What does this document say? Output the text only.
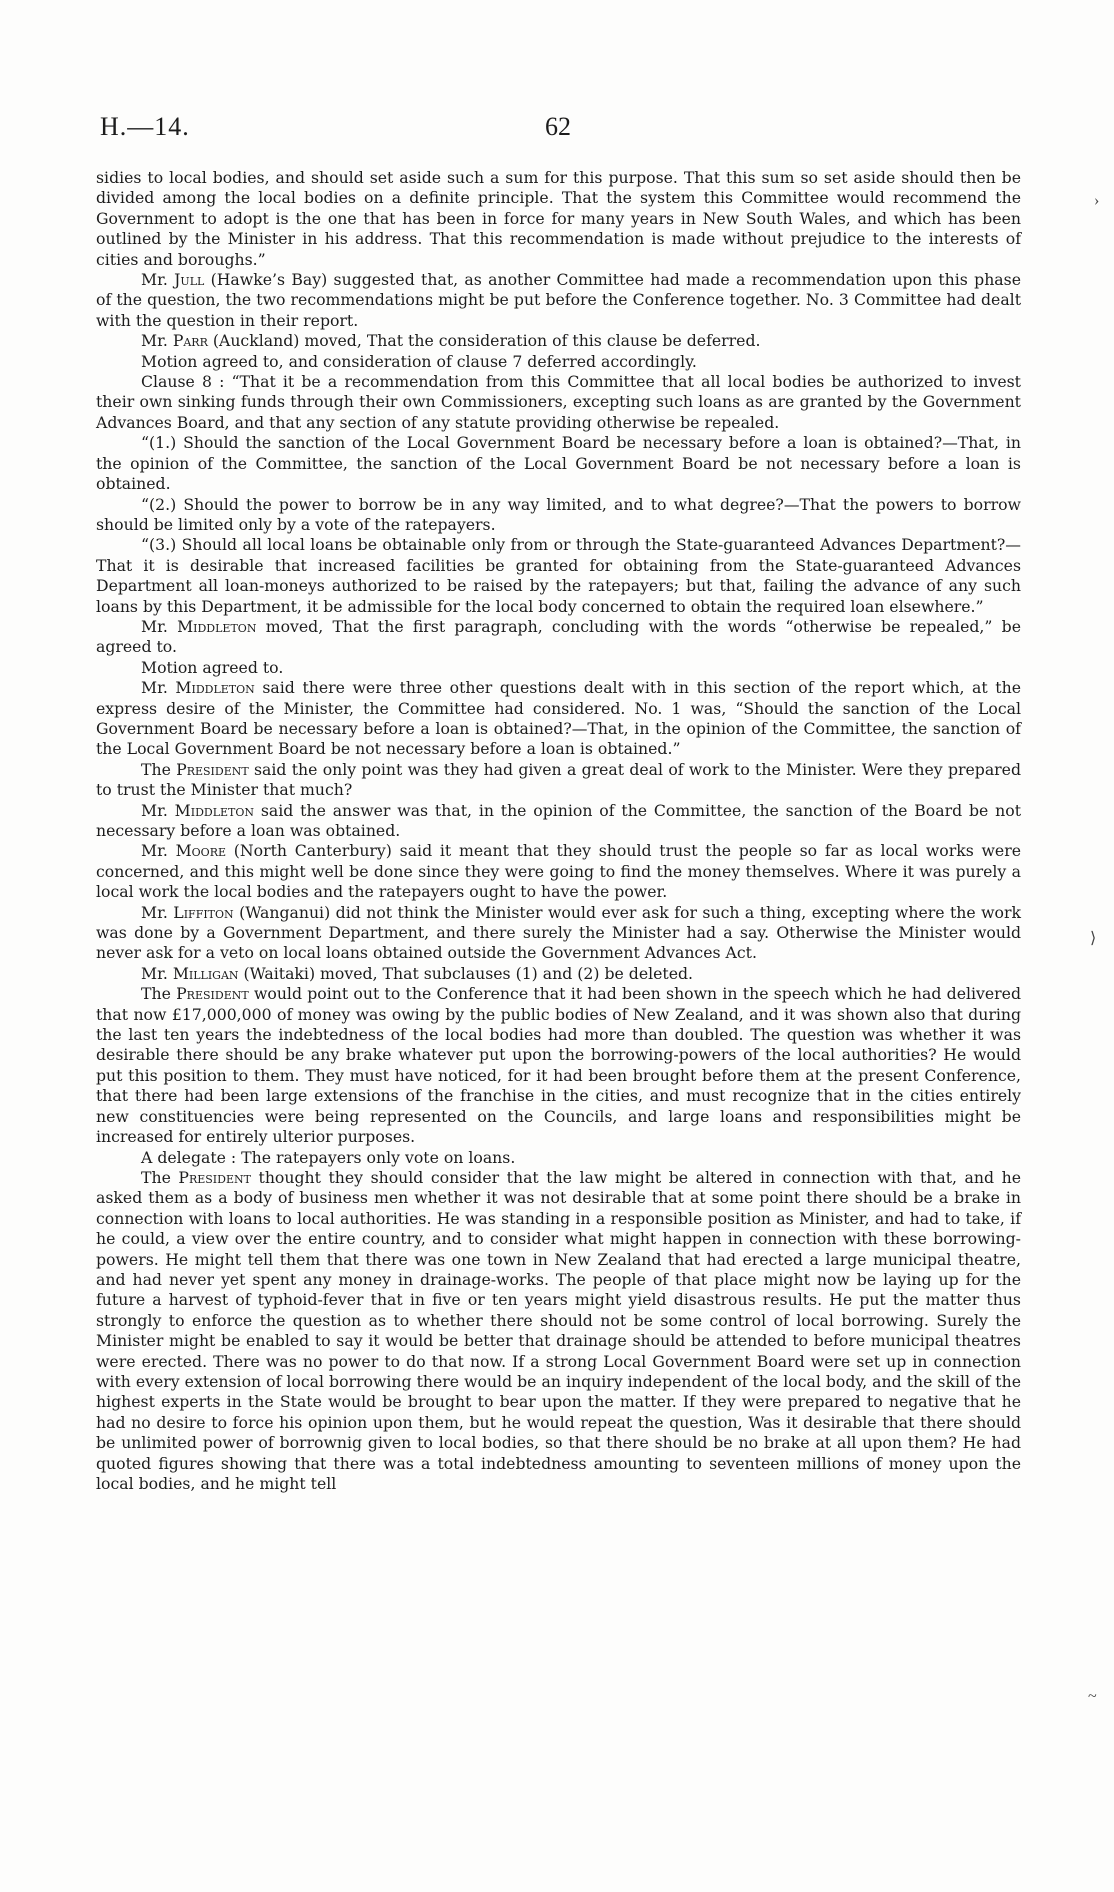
H.—14.	62
›
⟩
~

sidies to local bodies, and should set aside such a sum for this purpose. That this sum so set aside should then be divided among the local bodies on a definite principle. That the system this Committee would recommend the Government to adopt is the one that has been in force for many years in New South Wales, and which has been outlined by the Minister in his address. That this recommendation is made without prejudice to the interests of cities and boroughs.”

Mr. Jull (Hawke’s Bay) suggested that, as another Committee had made a recommendation upon this phase of the question, the two recommendations might be put before the Conference together. No. 3 Committee had dealt with the question in their report.

Mr. Parr (Auckland) moved, That the consideration of this clause be deferred.

Motion agreed to, and consideration of clause 7 deferred accordingly.

Clause 8 : “That it be a recommendation from this Committee that all local bodies be authorized to invest their own sinking funds through their own Commissioners, excepting such loans as are granted by the Government Advances Board, and that any section of any statute providing otherwise be repealed.

“(1.) Should the sanction of the Local Government Board be necessary before a loan is obtained?—That, in the opinion of the Committee, the sanction of the Local Government Board be not necessary before a loan is obtained.

“(2.) Should the power to borrow be in any way limited, and to what degree?—That the powers to borrow should be limited only by a vote of the ratepayers.

“(3.) Should all local loans be obtainable only from or through the State-guaranteed Advances Department?—That it is desirable that increased facilities be granted for obtaining from the State-guaranteed Advances Department all loan-moneys authorized to be raised by the ratepayers; but that, failing the advance of any such loans by this Department, it be admissible for the local body concerned to obtain the required loan elsewhere.”

Mr. Middleton moved, That the first paragraph, concluding with the words “otherwise be repealed,” be agreed to.

Motion agreed to.

Mr. Middleton said there were three other questions dealt with in this section of the report which, at the express desire of the Minister, the Committee had considered. No. 1 was, “Should the sanction of the Local Government Board be necessary before a loan is obtained?—That, in the opinion of the Committee, the sanction of the Local Government Board be not necessary before a loan is obtained.”

The President said the only point was they had given a great deal of work to the Minister. Were they prepared to trust the Minister that much?

Mr. Middleton said the answer was that, in the opinion of the Committee, the sanction of the Board be not necessary before a loan was obtained.

Mr. Moore (North Canterbury) said it meant that they should trust the people so far as local works were concerned, and this might well be done since they were going to find the money themselves. Where it was purely a local work the local bodies and the ratepayers ought to have the power.

Mr. Liffiton (Wanganui) did not think the Minister would ever ask for such a thing, excepting where the work was done by a Government Department, and there surely the Minister had a say. Otherwise the Minister would never ask for a veto on local loans obtained outside the Government Advances Act.

Mr. Milligan (Waitaki) moved, That subclauses (1) and (2) be deleted.

The President would point out to the Conference that it had been shown in the speech which he had delivered that now £17,000,000 of money was owing by the public bodies of New Zealand, and it was shown also that during the last ten years the indebtedness of the local bodies had more than doubled. The question was whether it was desirable there should be any brake whatever put upon the borrowing-powers of the local authorities? He would put this position to them. They must have noticed, for it had been brought before them at the present Conference, that there had been large extensions of the franchise in the cities, and must recognize that in the cities entirely new constituencies were being represented on the Councils, and large loans and responsibilities might be increased for entirely ulterior purposes.

A delegate : The ratepayers only vote on loans.

The President thought they should consider that the law might be altered in connection with that, and he asked them as a body of business men whether it was not desirable that at some point there should be a brake in connection with loans to local authorities. He was standing in a responsible position as Minister, and had to take, if he could, a view over the entire country, and to consider what might happen in connection with these borrowing-powers. He might tell them that there was one town in New Zealand that had erected a large municipal theatre, and had never yet spent any money in drainage-works. The people of that place might now be laying up for the future a harvest of typhoid-fever that in five or ten years might yield disastrous results. He put the matter thus strongly to enforce the question as to whether there should not be some control of local borrowing. Surely the Minister might be enabled to say it would be better that drainage should be attended to before municipal theatres were erected. There was no power to do that now. If a strong Local Government Board were set up in connection with every extension of local borrowing there would be an inquiry independent of the local body, and the skill of the highest experts in the State would be brought to bear upon the matter. If they were prepared to negative that he had no desire to force his opinion upon them, but he would repeat the question, Was it desirable that there should be unlimited power of borrownig given to local bodies, so that there should be no brake at all upon them? He had quoted figures showing that there was a total indebtedness amounting to seventeen millions of money upon the local bodies, and he might tell
